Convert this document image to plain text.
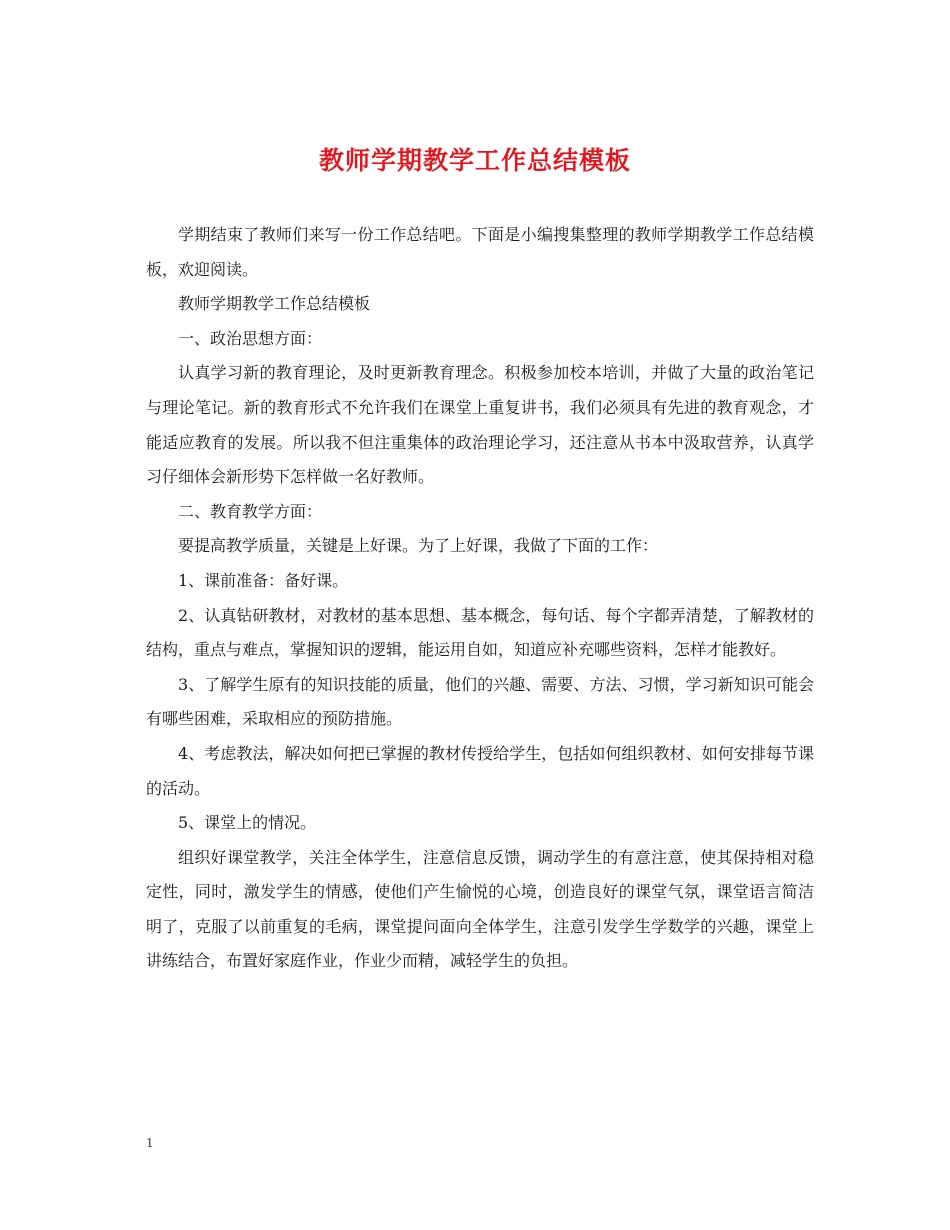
教师学期教学工作总结模板

学期结束了教师们来写一份工作总结吧。下面是小编搜集整理的教师学期教学工作总结模板，欢迎阅读。

教师学期教学工作总结模板

一、政治思想方面：

认真学习新的教育理论，及时更新教育理念。积极参加校本培训，并做了大量的政治笔记与理论笔记。新的教育形式不允许我们在课堂上重复讲书，我们必须具有先进的教育观念，才能适应教育的发展。所以我不但注重集体的政治理论学习，还注意从书本中汲取营养，认真学习仔细体会新形势下怎样做一名好教师。

二、教育教学方面：

要提高教学质量，关键是上好课。为了上好课，我做了下面的工作：

1、课前准备：备好课。

2、认真钻研教材，对教材的基本思想、基本概念，每句话、每个字都弄清楚，了解教材的结构，重点与难点，掌握知识的逻辑，能运用自如，知道应补充哪些资料，怎样才能教好。

3、了解学生原有的知识技能的质量，他们的兴趣、需要、方法、习惯，学习新知识可能会有哪些困难，采取相应的预防措施。

4、考虑教法，解决如何把已掌握的教材传授给学生，包括如何组织教材、如何安排每节课的活动。

5、课堂上的情况。

组织好课堂教学，关注全体学生，注意信息反馈，调动学生的有意注意，使其保持相对稳定性，同时，激发学生的情感，使他们产生愉悦的心境，创造良好的课堂气氛，课堂语言简洁明了，克服了以前重复的毛病，课堂提问面向全体学生，注意引发学生学数学的兴趣，课堂上讲练结合，布置好家庭作业，作业少而精，减轻学生的负担。

1
